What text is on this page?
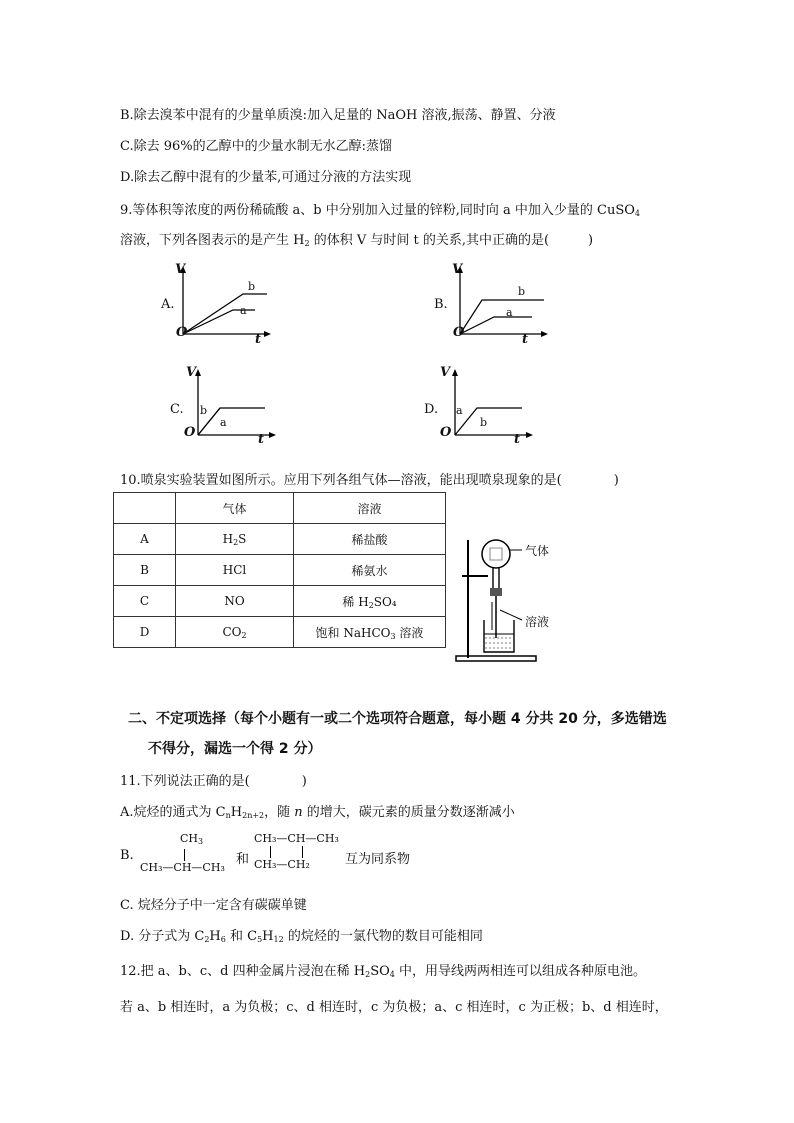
B.除去溴苯中混有的少量单质溴:加入足量的 NaOH 溶液,振荡、静置、分液
C.除去 96%的乙醇中的少量水制无水乙醇:蒸馏
D.除去乙醇中混有的少量苯,可通过分液的方法实现
9.等体积等浓度的两份稀硫酸 a、b 中分别加入过量的锌粉,同时向 a 中加入少量的 CuSO$_4$
溶液，下列各图表示的是产生 $H_2$ 的体积 V 与时间 t 的关系,其中正确的是(　　　)
A.
V
O	t
b
a	B.
V
O	t
b
a
C.
V
O	t
b
a
D.
V
O	t
a
b
10.喷泉实验装置如图所示。应用下列各组气体—溶液，能出现喷泉现象的是(　　　　)
	气体	溶液
A	$H_2S$	稀盐酸
B	HCl	稀氨水
C	NO	稀 $H_2SO_4$
D	$CO_2$	饱和 NaHCO$_3$ 溶液
气体
溶液
二、不定项选择（每个小题有一或二个选项符合题意，每小题 4 分共 20 分，多选错选
不得分，漏选一个得 2 分）
11.下列说法正确的是(　　　　)
A.烷烃的通式为 $C_nH_{2n+2}$，随 n 的增大，碳元素的质量分数逐渐减小
B.
$CH_3$
CH₃—CH—CH₃
和
CH₃—CH—CH₃
CH₃—CH₂	互为同系物
C. 烷烃分子中一定含有碳碳单键
D. 分子式为 $C_2H_6$ 和 $C_5H_{12}$ 的烷烃的一氯代物的数目可能相同
12.把 a、b、c、d 四种金属片浸泡在稀 $H_2SO_4$ 中，用导线两两相连可以组成各种原电池。
若 a、b 相连时，a 为负极；c、d 相连时，c 为负极；a、c 相连时，c 为正极；b、d 相连时，
